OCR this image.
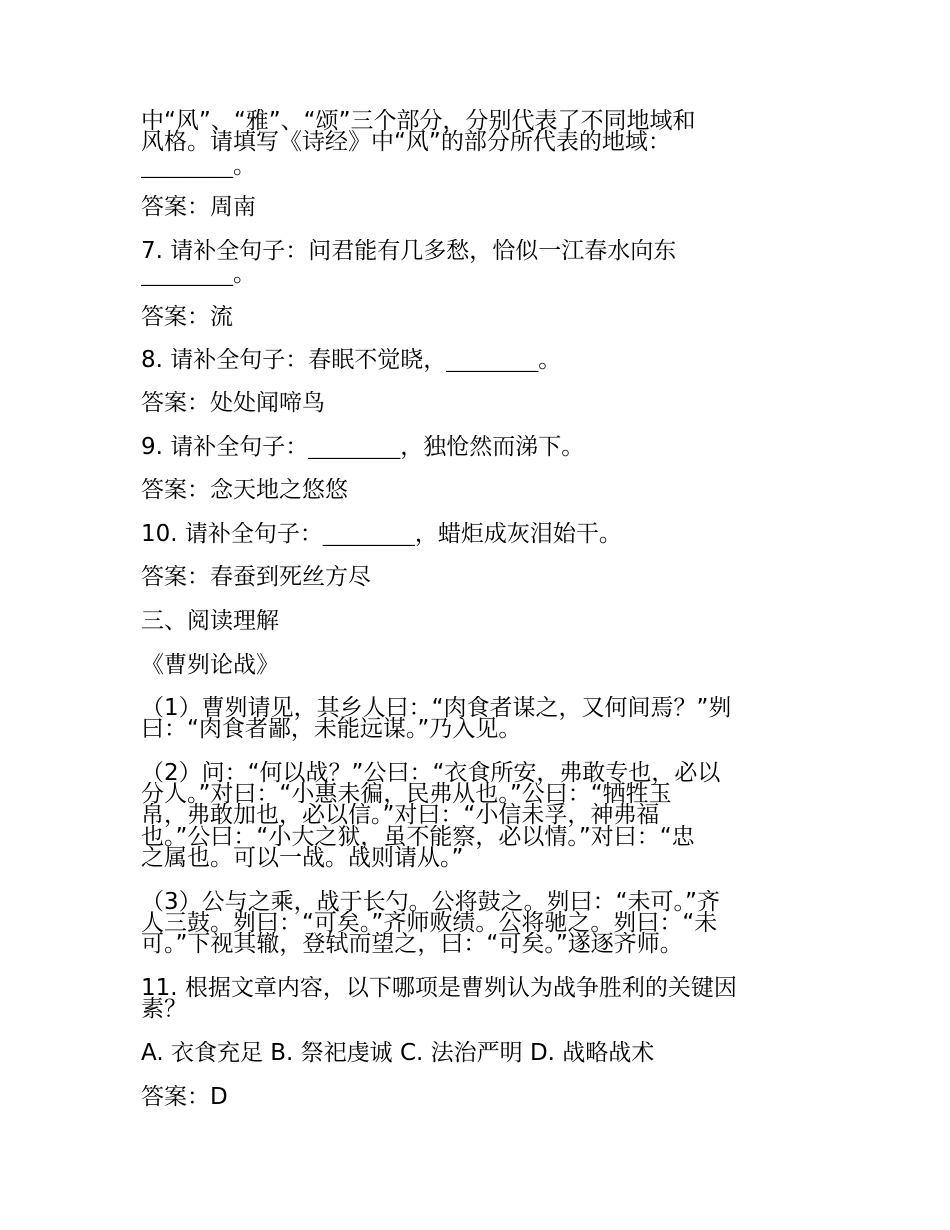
中“风”、“雅”、“颂”三个部分，分别代表了不同地域和
风格。请填写《诗经》中“风”的部分所代表的地域：
________。
答案：周南
7. 请补全句子：问君能有几多愁，恰似一江春水向东
________。
答案：流
8. 请补全句子：春眠不觉晓，________。
答案：处处闻啼鸟
9. 请补全句子：________，独怆然而涕下。
答案：念天地之悠悠
10. 请补全句子：________，蜡炬成灰泪始干。
答案：春蚕到死丝方尽
三、阅读理解
《曹刿论战》
（1）曹刿请见，其乡人曰：“肉食者谋之，又何间焉？”刿
曰：“肉食者鄙，未能远谋。”乃入见。
（2）问：“何以战？”公曰：“衣食所安，弗敢专也，必以
分人。”对曰：“小惠未徧，民弗从也。”公曰：“牺牲玉
帛，弗敢加也，必以信。”对曰：“小信未孚，神弗福
也。”公曰：“小大之狱，虽不能察，必以情。”对曰：“忠
之属也。可以一战。战则请从。”
（3）公与之乘，战于长勺。公将鼓之。刿曰：“未可。”齐
人三鼓。刿曰：“可矣。”齐师败绩。公将驰之。刿曰：“未
可。”下视其辙，登轼而望之，曰：“可矣。”遂逐齐师。
11. 根据文章内容，以下哪项是曹刿认为战争胜利的关键因
素？
A. 衣食充足 B. 祭祀虔诚 C. 法治严明 D. 战略战术
答案：D
